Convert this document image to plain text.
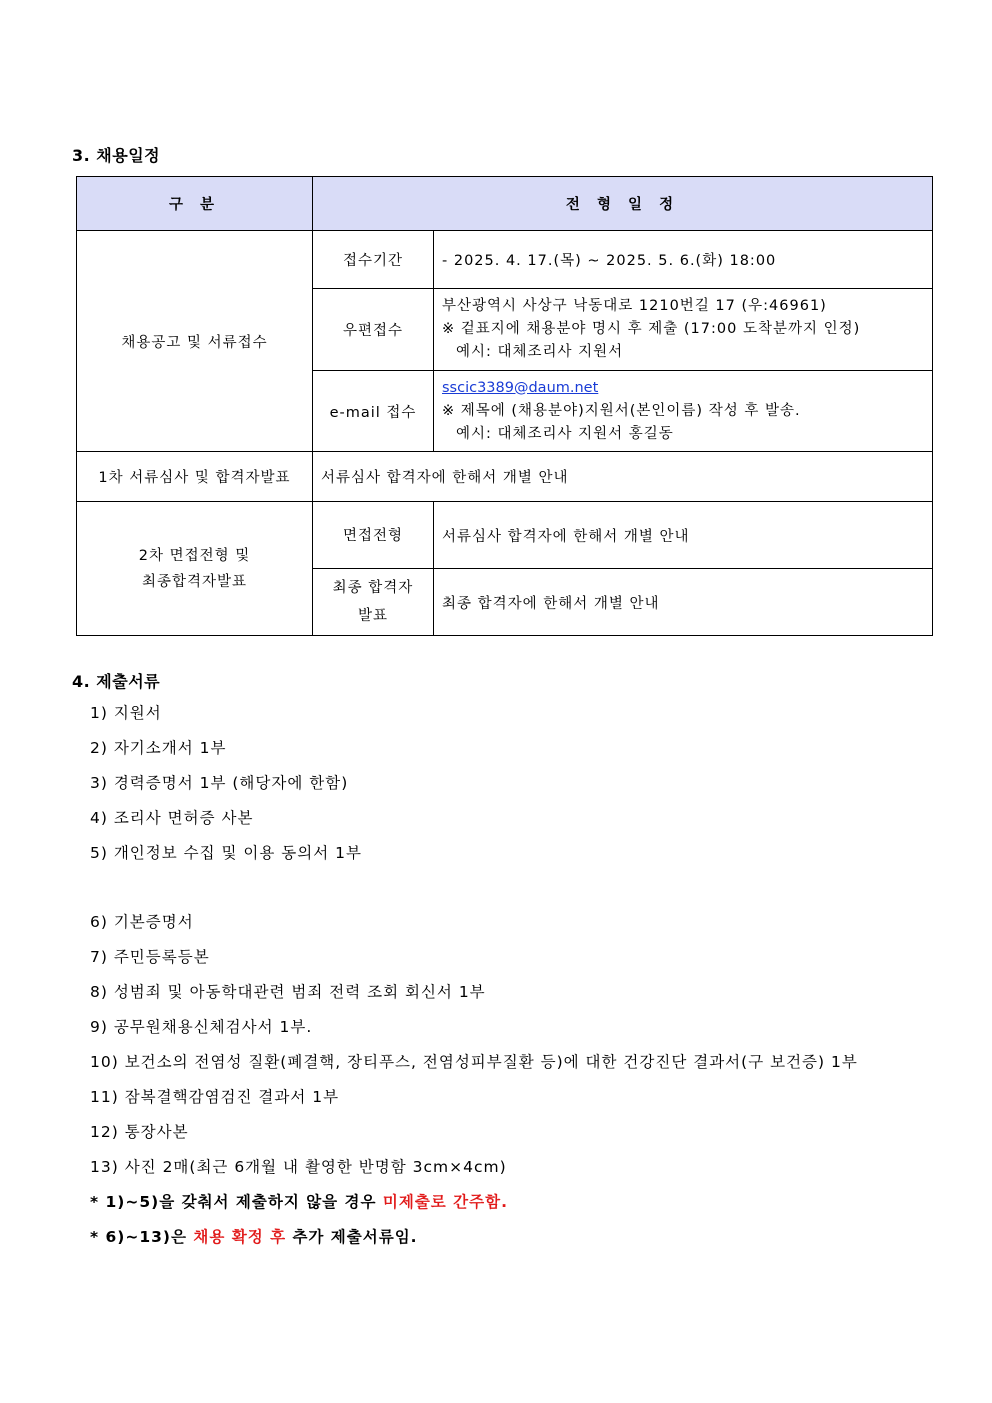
3. 채용일정
구 분	전 형 일 정	
채용공고 및 서류접수	접수기간	- 2025. 4. 17.(목) ~ 2025. 5. 6.(화) 18:00
	우편접수	부산광역시 사상구 낙동대로 1210번길 17 (우:46961)
※ 겉표지에 채용분야 명시 후 제출 (17:00 도착분까지 인정)
예시: 대체조리사 지원서

	e-mail 접수	sscic3389@daum.net
※ 제목에 (채용분야)지원서(본인이름) 작성 후 발송.
예시: 대체조리사 지원서 홍길동

1차 서류심사 및 합격자발표	서류심사 합격자에 한해서 개별 안내	

2차 면접전형 및
최종합격자발표	면접전형	서류심사 합격자에 한해서 개별 안내

	최종 합격자
발표	최종 합격자에 한해서 개별 안내
4. 제출서류
1) 지원서
2) 자기소개서 1부
3) 경력증명서 1부 (해당자에 한함)
4) 조리사 면허증 사본
5) 개인정보 수집 및 이용 동의서 1부
6) 기본증명서
7) 주민등록등본
8) 성범죄 및 아동학대관련 범죄 전력 조회 회신서 1부
9) 공무원채용신체검사서 1부.
10) 보건소의 전염성 질환(폐결핵, 장티푸스, 전염성피부질환 등)에 대한 건강진단 결과서(구 보건증) 1부
11) 잠복결핵감염검진 결과서 1부
12) 통장사본
13) 사진 2매(최근 6개월 내 촬영한 반명함 3cm×4cm)
* 1)~5)을 갖춰서 제출하지 않을 경우 미제출로 간주함.
* 6)~13)은 채용 확정 후 추가 제출서류임.
